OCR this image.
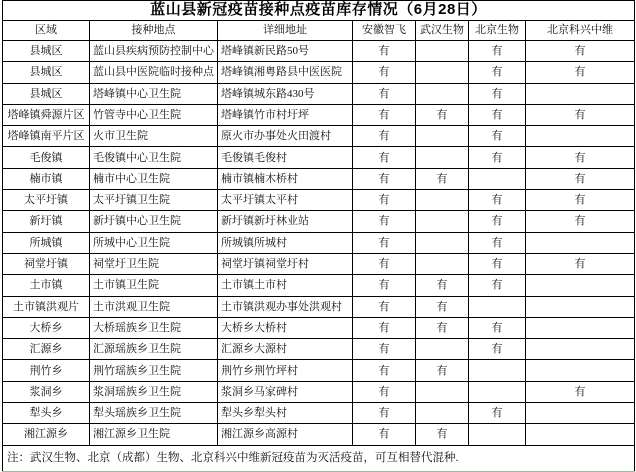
蓝山县新冠疫苗接种点疫苗库存情况（6月28日）						
区域	接种地点	详细地址	安徽智飞	武汉生物	北京生物	北京科兴中维
县城区	蓝山县疾病预防控制中心	塔峰镇新民路50号	有		有	有
县城区	蓝山县中医院临时接种点	塔峰镇湘粤路县中医医院	有		有	有
县城区	塔峰镇中心卫生院	塔峰镇城东路430号	有		有	
塔峰镇舜源片区	竹管寺中心卫生院	塔峰镇竹市村圩坪	有	有	有	有
塔峰镇南平片区	火市卫生院	原火市办事处火田渡村	有		有	
毛俊镇	毛俊镇中心卫生院	毛俊镇毛俊村	有		有	有
楠市镇	楠市中心卫生院	楠市镇楠木桥村	有	有		有
太平圩镇	太平圩镇卫生院	太平圩镇太平村	有		有	有
新圩镇	新圩镇中心卫生院	新圩镇新圩林业站	有		有	有
所城镇	所城中心卫生院	所城镇所城村	有		有	
祠堂圩镇	祠堂圩卫生院	祠堂圩镇祠堂圩村	有		有	有
土市镇	土市镇卫生院	土市镇土市村	有	有	有	
土市镇洪观片	土市洪观卫生院	土市镇洪观办事处洪观村	有	有		
大桥乡	大桥瑶族乡卫生院	大桥乡大桥村	有	有	有	
汇源乡	汇源瑶族乡卫生院	汇源乡大源村	有		有	
荆竹乡	荆竹瑶族乡卫生院	荆竹乡荆竹坪村	有	有		
浆洞乡	浆洞瑶族乡卫生院	浆洞乡马家碑村	有			有
犁头乡	犁头瑶族乡卫生院	犁头乡犁头村	有		有	
湘江源乡	湘江源乡卫生院	湘江源乡高源村	有	有		
注：武汉生物、北京（成都）生物、北京科兴中维新冠疫苗为灭活疫苗，可互相替代混种.						
